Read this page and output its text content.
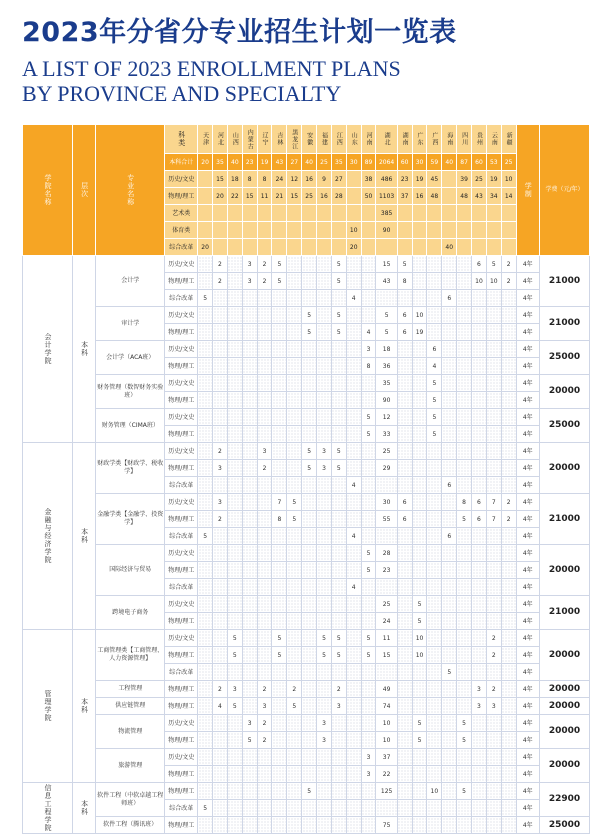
2023年分省分专业招生计划一览表
A LIST OF 2023 ENROLLMENT PLANS
BY PROVINCE AND SPECIALTY
学院名称	层次	专业名称	科类	天津	河北	山西	内蒙古	辽宁	吉林	黑龙江	安徽	福建	江西	山东	河南	湖北	湖南	广东	广西	海南	四川	贵州	云南	新疆	学制	学费（元/年）
			本科合计	20	35	40	23	19	43	27	40	25	35	30	89	2064	60	30	59	40	87	60	53	25		
			历史/文史		15	18	8	8	24	12	16	9	27		38	486	23	19	45		39	25	19	10		
			物理/理工		20	22	15	11	21	15	25	16	28		50	1103	37	16	48		48	43	34	14		
			艺术类													385										
			体育类											10		90										
			综合改革	20										20						40						
会计学院	本科	会计学	历史/文史		2		3	2	5				5			15	5					6	5	2	4年	21000
			物理/理工		2		3	2	5				5			43	8					10	10	2	4年	
			综合改革	5										4						6					4年	
		审计学	历史/文史								5		5			5	6	10							4年	21000
			物理/理工								5		5		4	5	6	19							4年	
		会计学（ACA班）	历史/文史												3	18			6						4年	25000
			物理/理工												8	36			4						4年	
		财务管理（数智财务实验班）	历史/文史													35			5						4年	20000
			物理/理工													90			5						4年	
		财务管理（CIMA班）	历史/文史												5	12			5						4年	25000
			物理/理工												5	33			5						4年	
金融与经济学院	本科	财政学类【财政学、税收学】	历史/文史		2			3			5	3	5			25									4年	20000
			物理/理工		3			2			5	3	5			29									4年	
			综合改革											4						6					4年	
		金融学类【金融学、投资学】	历史/文史		3				7	5						30	6				8	6	7	2	4年	21000
			物理/理工		2				8	5						55	6				5	6	7	2	4年	
			综合改革	5										4						6					4年	
		国际经济与贸易	历史/文史												5	28									4年	20000
			物理/理工												5	23									4年	
			综合改革											4											4年	
		跨境电子商务	历史/文史													25		5							4年	21000
			物理/理工													24		5							4年	
管理学院	本科	工商管理类【工商管理、人力资源管理】	历史/文史			5			5			5	5		5	11		10					2		4年	20000
			物理/理工			5			5			5	5		5	15		10					2		4年	
			综合改革																	5					4年	
		工程管理	物理/理工		2	3		2		2			2			49						3	2		4年	20000
		供应链管理	物理/理工		4	5		3		5			3			74						3	3		4年	20000
		物流管理	历史/文史				3	2				3				10		5			5				4年	20000
			物理/理工				5	2				3				10		5			5				4年	
		旅游管理	历史/文史												3	37									4年	20000
			物理/理工												3	22									4年	
信息工程学院	本科	软件工程（中软卓越工程师班）	物理/理工								5					125			10		5				4年	22900
			综合改革	5																					4年	
		软件工程（腾讯班）	物理/理工													75									4年	25000
